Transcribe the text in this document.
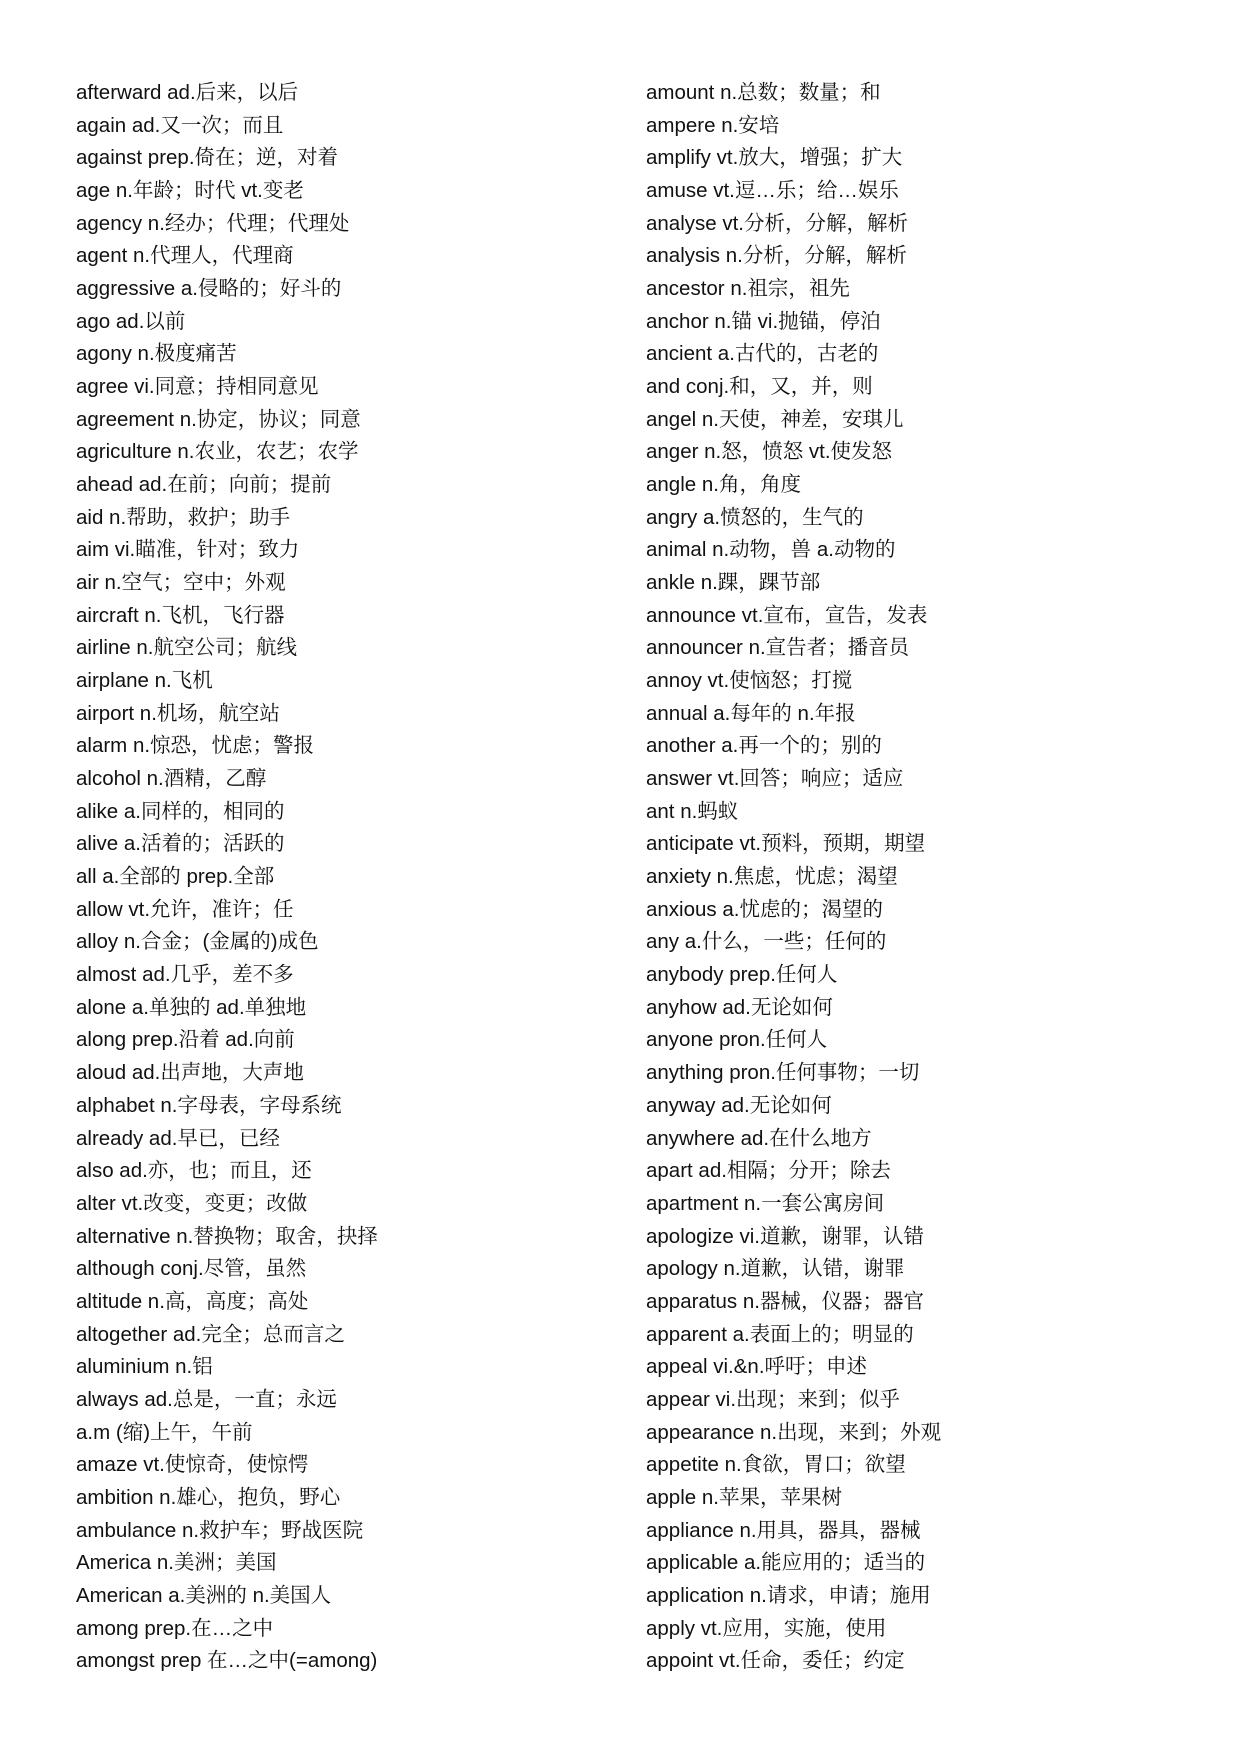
afterward ad.后来，以后
again ad.又一次；而且
against prep.倚在；逆，对着
age n.年龄；时代 vt.变老
agency n.经办；代理；代理处
agent n.代理人，代理商
aggressive a.侵略的；好斗的
ago ad.以前
agony n.极度痛苦
agree vi.同意；持相同意见
agreement n.协定，协议；同意
agriculture n.农业，农艺；农学
ahead ad.在前；向前；提前
aid n.帮助，救护；助手
aim vi.瞄准，针对；致力
air n.空气；空中；外观
aircraft n.飞机，飞行器
airline n.航空公司；航线
airplane n.飞机
airport n.机场，航空站
alarm n.惊恐，忧虑；警报
alcohol n.酒精，乙醇
alike a.同样的，相同的
alive a.活着的；活跃的
all a.全部的 prep.全部
allow vt.允许，准许；任
alloy n.合金；(金属的)成色
almost ad.几乎，差不多
alone a.单独的 ad.单独地
along prep.沿着 ad.向前
aloud ad.出声地，大声地
alphabet n.字母表，字母系统
already ad.早已，已经
also ad.亦，也；而且，还
alter vt.改变，变更；改做
alternative n.替换物；取舍，抉择
although conj.尽管，虽然
altitude n.高，高度；高处
altogether ad.完全；总而言之
aluminium n.铝
always ad.总是，一直；永远
a.m (缩)上午，午前
amaze vt.使惊奇，使惊愕
ambition n.雄心，抱负，野心
ambulance n.救护车；野战医院
America n.美洲；美国
American a.美洲的 n.美国人
among prep.在…之中
amongst prep 在…之中(=among)
amount n.总数；数量；和
ampere n.安培
amplify vt.放大，增强；扩大
amuse vt.逗…乐；给…娱乐
analyse vt.分析，分解，解析
analysis n.分析，分解，解析
ancestor n.祖宗，祖先
anchor n.锚 vi.抛锚，停泊
ancient a.古代的，古老的
and conj.和，又，并，则
angel n.天使，神差，安琪儿
anger n.怒，愤怒 vt.使发怒
angle n.角，角度
angry a.愤怒的，生气的
animal n.动物，兽 a.动物的
ankle n.踝，踝节部
announce vt.宣布，宣告，发表
announcer n.宣告者；播音员
annoy vt.使恼怒；打搅
annual a.每年的 n.年报
another a.再一个的；别的
answer vt.回答；响应；适应
ant n.蚂蚁
anticipate vt.预料，预期，期望
anxiety n.焦虑，忧虑；渴望
anxious a.忧虑的；渴望的
any a.什么，一些；任何的
anybody prep.任何人
anyhow ad.无论如何
anyone pron.任何人
anything pron.任何事物；一切
anyway ad.无论如何
anywhere ad.在什么地方
apart ad.相隔；分开；除去
apartment n.一套公寓房间
apologize vi.道歉，谢罪，认错
apology n.道歉，认错，谢罪
apparatus n.器械，仪器；器官
apparent a.表面上的；明显的
appeal vi.&n.呼吁；申述
appear vi.出现；来到；似乎
appearance n.出现，来到；外观
appetite n.食欲，胃口；欲望
apple n.苹果，苹果树
appliance n.用具，器具，器械
applicable a.能应用的；适当的
application n.请求，申请；施用
apply vt.应用，实施，使用
appoint vt.任命，委任；约定
